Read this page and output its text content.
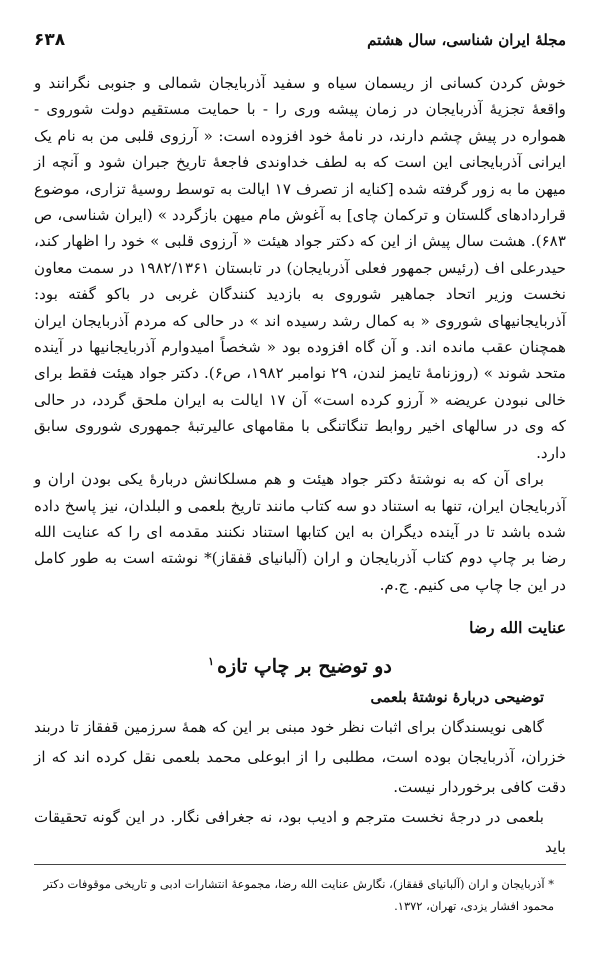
۶۳۸	مجلهٔ ایران شناسی، سال هشتم

خوش کردن کسانی از ریسمان سیاه و سفید آذربایجان شمالی و جنوبی نگرانند و واقعهٔ تجزیهٔ آذربایجان در زمان پیشه وری را - با حمایت مستقیم دولت شوروی - همواره در پیش چشم دارند، در نامهٔ خود افزوده است: « آرزوی قلبی من به نام یک ایرانی آذربایجانی این است که به لطف خداوندی فاجعهٔ تاریخ جبران شود و آنچه از میهن ما به زور گرفته شده [کنایه از تصرف ۱۷ ایالت به توسط روسیهٔ تزاری، موضوع قراردادهای گلستان و ترکمان چای] به آغوش مام میهن بازگردد » (ایران شناسی، ص ۶۸۳). هشت سال پیش از این که دکتر جواد هیئت « آرزوی قلبی » خود را اظهار کند، حیدرعلی اف (رئیس جمهور فعلی آذربایجان) در تابستان ۱۹۸۲/۱۳۶۱ در سمت معاون نخست وزیر اتحاد جماهیر شوروی به بازدید کنندگان غربی در باکو گفته بود: آذربایجانیهای شوروی « به کمال رشد رسیده اند » در حالی که مردم آذربایجان ایران همچنان عقب مانده اند. و آن گاه افزوده بود « شخصاً امیدوارم آذربایجانیها در آینده متحد شوند » (روزنامهٔ تایمز لندن، ۲۹ نوامبر ۱۹۸۲، ص۶). دکتر جواد هیئت فقط برای خالی نبودن عریضه « آرزو کرده است» آن ۱۷ ایالت به ایران ملحق گردد، در حالی که وی در سالهای اخیر روابط تنگاتنگی با مقامهای عالیرتبهٔ جمهوری شوروی سابق دارد.

برای آن که به نوشتهٔ دکتر جواد هیئت و هم مسلکانش دربارهٔ یکی بودن اران و آذربایجان ایران، تنها به استناد دو سه کتاب مانند تاریخ بلعمی و البلدان، نیز پاسخ داده شده باشد تا در آینده دیگران به این کتابها استناد نکنند مقدمه ای را که عنایت الله رضا بر چاپ دوم کتاب آذربایجان و اران (آلبانیای قفقاز)* نوشته است به طور کامل در این جا چاپ می کنیم. ج.م.

عنایت الله رضا
دو توضیح بر چاپ تازه$^۱$
توضیحی دربارهٔ نوشتهٔ بلعمی

گاهی نویسندگان برای اثبات نظر خود مبنی بر این که همهٔ سرزمین قفقاز تا دربند خزران، آذربایجان بوده است، مطلبی را از ابوعلی محمد بلعمی نقل کرده اند که از دقت کافی برخوردار نیست.

بلعمی در درجهٔ نخست مترجم و ادیب بود، نه جغرافی نگار. در این گونه تحقیقات باید

* آذربایجان و اران (آلبانیای قفقاز)، نگارش عنایت الله رضا، مجموعهٔ انتشارات ادبی و تاریخی موقوفات دکتر

محمود افشار یزدی، تهران، ۱۳۷۲.
